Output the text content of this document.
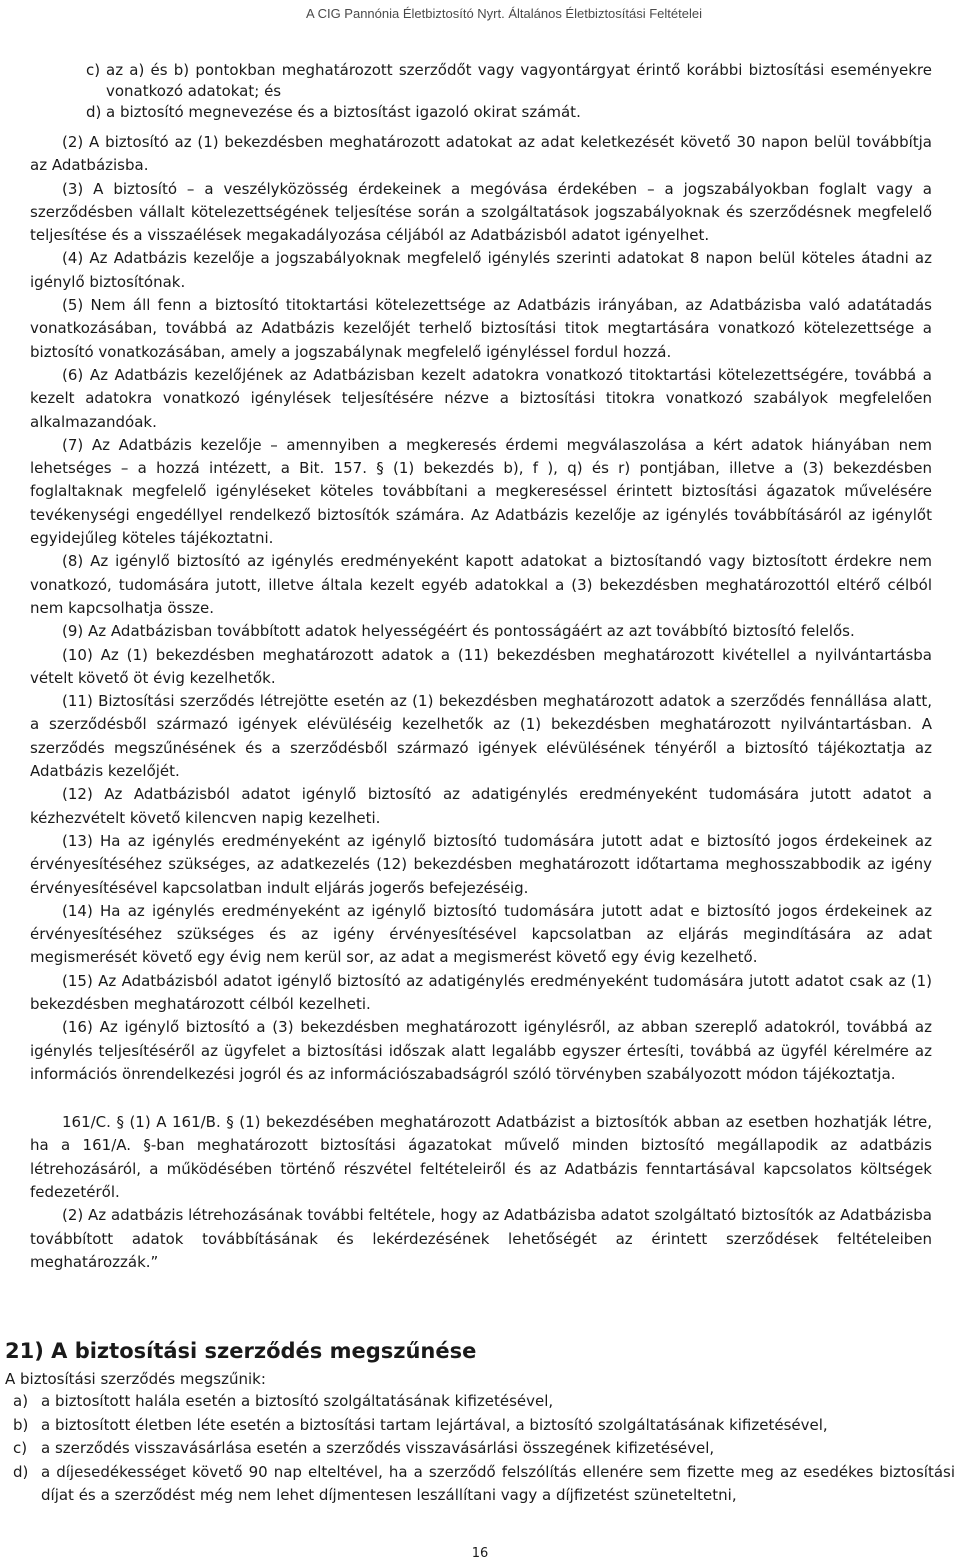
A CIG Pannónia Életbiztosító Nyrt. Általános Életbiztosítási Feltételei
c) az a) és b) pontokban meghatározott szerződőt vagy vagyontárgyat érintő korábbi biztosítási eseményekre vonatkozó adatokat; és
d) a biztosító megnevezése és a biztosítást igazoló okirat számát.

(2) A biztosító az (1) bekezdésben meghatározott adatokat az adat keletkezését követő 30 napon belül továbbítja az Adatbázisba.

(3) A biztosító – a veszélyközösség érdekeinek a megóvása érdekében – a jogszabályokban foglalt vagy a szerződésben vállalt kötelezettségének teljesítése során a szolgáltatások jogszabályoknak és szerződésnek megfelelő teljesítése és a visszaélések megakadályozása céljából az Adatbázisból adatot igényelhet.

(4) Az Adatbázis kezelője a jogszabályoknak megfelelő igénylés szerinti adatokat 8 napon belül köteles átadni az igénylő biztosítónak.

(5) Nem áll fenn a biztosító titoktartási kötelezettsége az Adatbázis irányában, az Adatbázisba való adatátadás vonatkozásában, továbbá az Adatbázis kezelőjét terhelő biztosítási titok megtartására vonatkozó kötelezettsége a biztosító vonatkozásában, amely a jogszabálynak megfelelő igényléssel fordul hozzá.

(6) Az Adatbázis kezelőjének az Adatbázisban kezelt adatokra vonatkozó titoktartási kötelezettségére, továbbá a kezelt adatokra vonatkozó igénylések teljesítésére nézve a biztosítási titokra vonatkozó szabályok megfelelően alkalmazandóak.

(7) Az Adatbázis kezelője – amennyiben a megkeresés érdemi megválaszolása a kért adatok hiányában nem lehetséges – a hozzá intézett, a Bit. 157. § (1) bekezdés b), f ), q) és r) pontjában, illetve a (3) bekezdésben foglaltaknak megfelelő igényléseket köteles továbbítani a megkereséssel érintett biztosítási ágazatok művelésére tevékenységi engedéllyel rendelkező biztosítók számára. Az Adatbázis kezelője az igénylés továbbításáról az igénylőt egyidejűleg köteles tájékoztatni.

(8) Az igénylő biztosító az igénylés eredményeként kapott adatokat a biztosítandó vagy biztosított érdekre nem vonatkozó, tudomására jutott, illetve általa kezelt egyéb adatokkal a (3) bekezdésben meghatározottól eltérő célból nem kapcsolhatja össze.

(9) Az Adatbázisban továbbított adatok helyességéért és pontosságáért az azt továbbító biztosító felelős.

(10) Az (1) bekezdésben meghatározott adatok a (11) bekezdésben meghatározott kivétellel a nyilvántartásba vételt követő öt évig kezelhetők.

(11) Biztosítási szerződés létrejötte esetén az (1) bekezdésben meghatározott adatok a szerződés fennállása alatt, a szerződésből származó igények elévüléséig kezelhetők az (1) bekezdésben meghatározott nyilvántartásban. A szerződés megszűnésének és a szerződésből származó igények elévülésének tényéről a biztosító tájékoztatja az Adatbázis kezelőjét.

(12) Az Adatbázisból adatot igénylő biztosító az adatigénylés eredményeként tudomására jutott adatot a kézhezvételt követő kilencven napig kezelheti.

(13) Ha az igénylés eredményeként az igénylő biztosító tudomására jutott adat e biztosító jogos érdekeinek az érvényesítéséhez szükséges, az adatkezelés (12) bekezdésben meghatározott időtartama meghosszabbodik az igény érvényesítésével kapcsolatban indult eljárás jogerős befejezéséig.

(14) Ha az igénylés eredményeként az igénylő biztosító tudomására jutott adat e biztosító jogos érdekeinek az érvényesítéséhez szükséges és az igény érvényesítésével kapcsolatban az eljárás megindítására az adat megismerését követő egy évig nem kerül sor, az adat a megismerést követő egy évig kezelhető.

(15) Az Adatbázisból adatot igénylő biztosító az adatigénylés eredményeként tudomására jutott adatot csak az (1) bekezdésben meghatározott célból kezelheti.

(16) Az igénylő biztosító a (3) bekezdésben meghatározott igénylésről, az abban szereplő adatokról, továbbá az igénylés teljesítéséről az ügyfelet a biztosítási időszak alatt legalább egyszer értesíti, továbbá az ügyfél kérelmére az információs önrendelkezési jogról és az információszabadságról szóló törvényben szabályozott módon tájékoztatja.

161/C. § (1) A 161/B. § (1) bekezdésében meghatározott Adatbázist a biztosítók abban az esetben hozhatják létre, ha a 161/A. §-ban meghatározott biztosítási ágazatokat művelő minden biztosító megállapodik az adatbázis létrehozásáról, a működésében történő részvétel feltételeiről és az Adatbázis fenntartásával kapcsolatos költségek fedezetéről.

(2) Az adatbázis létrehozásának további feltétele, hogy az Adatbázisba adatot szolgáltató biztosítók az Adatbázisba továbbított adatok továbbításának és lekérdezésének lehetőségét az érintett szerződések feltételeiben meghatározzák.”

21) A biztosítási szerződés megszűnése

A biztosítási szerződés megszűnik:

a) a biztosított halála esetén a biztosító szolgáltatásának kifizetésével,
b) a biztosított életben léte esetén a biztosítási tartam lejártával, a biztosító szolgáltatásának kifizetésével,
c) a szerződés visszavásárlása esetén a szerződés visszavásárlási összegének kifizetésével,
d) a díjesedékességet követő 90 nap elteltével, ha a szerződő felszólítás ellenére sem fizette meg az esedékes biztosítási díjat és a szerződést még nem lehet díjmentesen leszállítani vagy a díjfizetést szüneteltetni,
16
